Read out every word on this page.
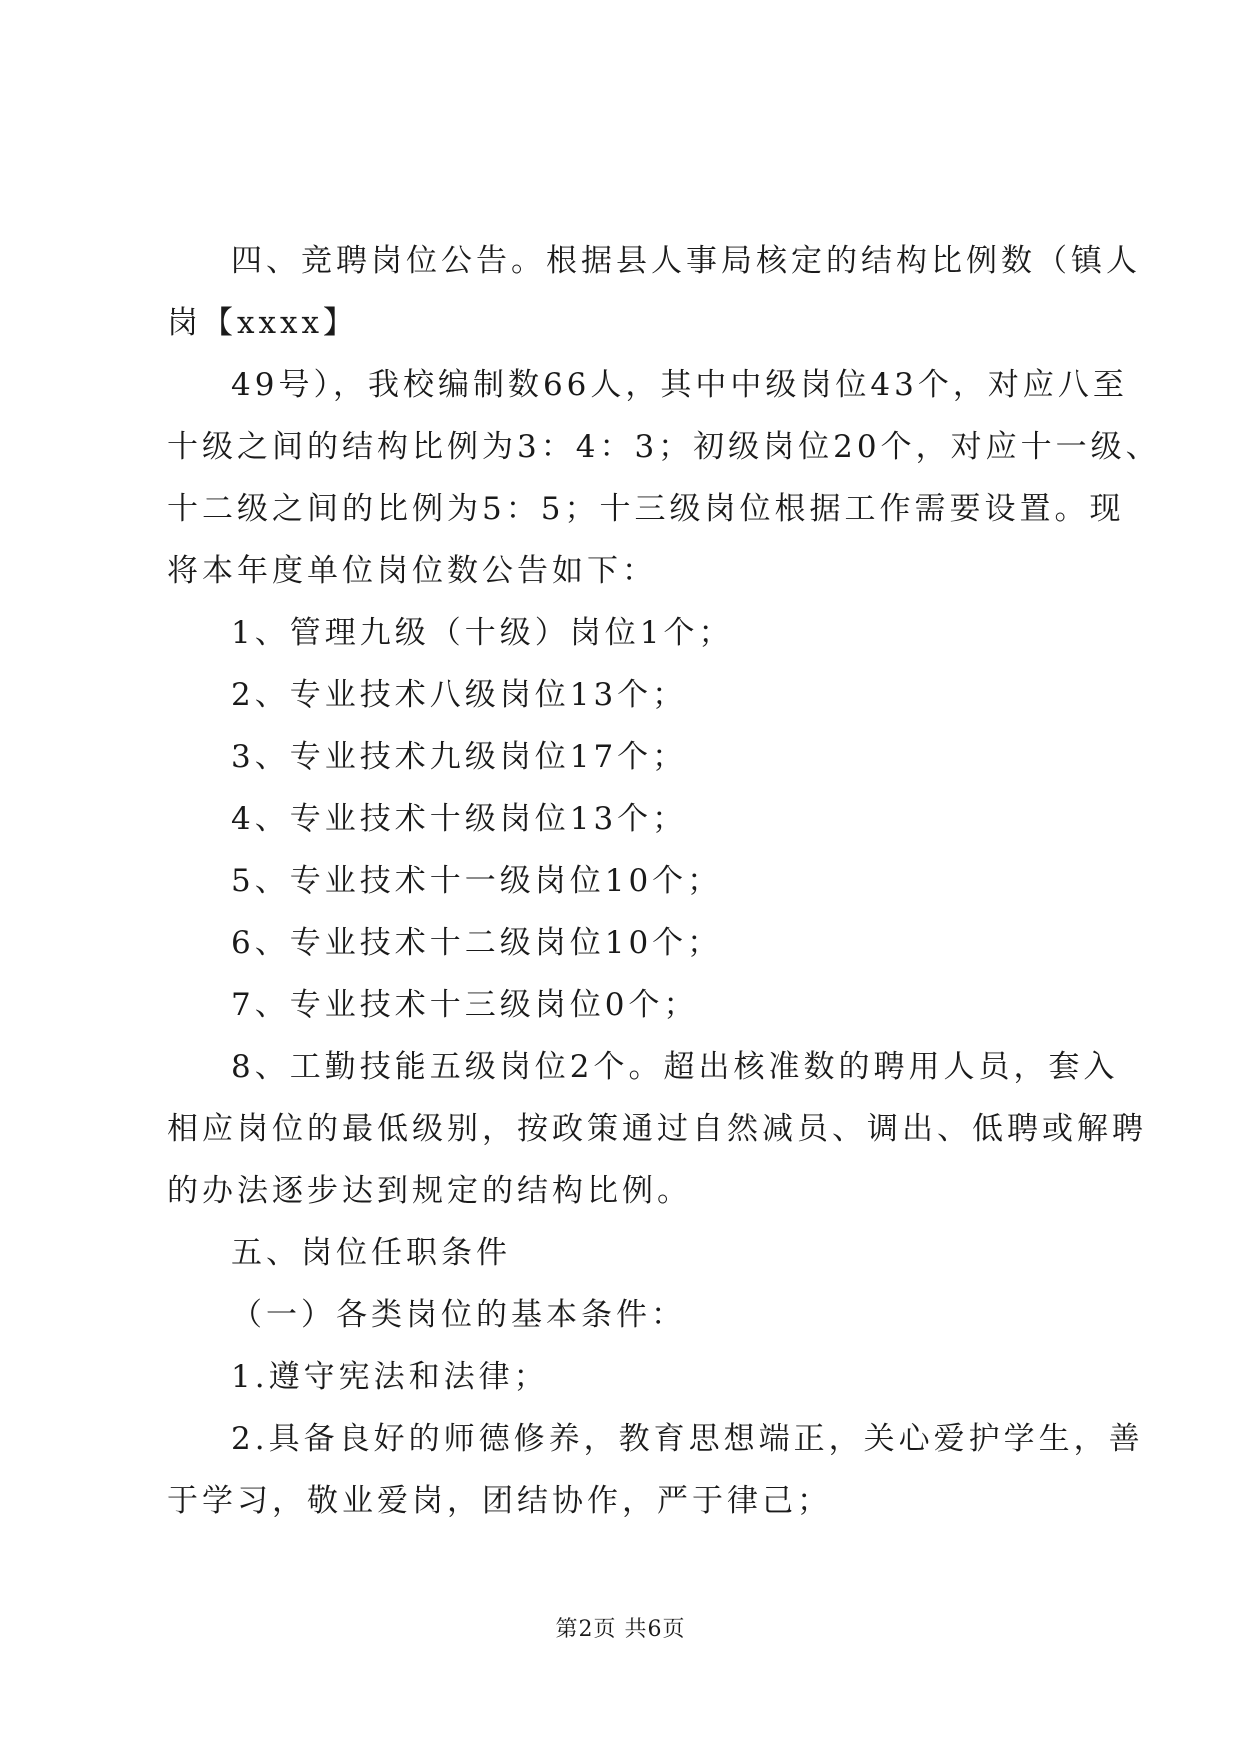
四、竞聘岗位公告。根据县人事局核定的结构比例数（镇人

岗【xxxx】

49号），我校编制数66人，其中中级岗位43个，对应八至

十级之间的结构比例为3：4：3；初级岗位20个，对应十一级、

十二级之间的比例为5：5；十三级岗位根据工作需要设置。现

将本年度单位岗位数公告如下：

1、管理九级（十级）岗位1个；

2、专业技术八级岗位13个；

3、专业技术九级岗位17个；

4、专业技术十级岗位13个；

5、专业技术十一级岗位10个；

6、专业技术十二级岗位10个；

7、专业技术十三级岗位0个；

8、工勤技能五级岗位2个。超出核准数的聘用人员，套入

相应岗位的最低级别，按政策通过自然减员、调出、低聘或解聘

的办法逐步达到规定的结构比例。

五、岗位任职条件

（一）各类岗位的基本条件：

1.遵守宪法和法律；

2.具备良好的师德修养，教育思想端正，关心爱护学生，善

于学习，敬业爱岗，团结协作，严于律己；

第2页 共6页
